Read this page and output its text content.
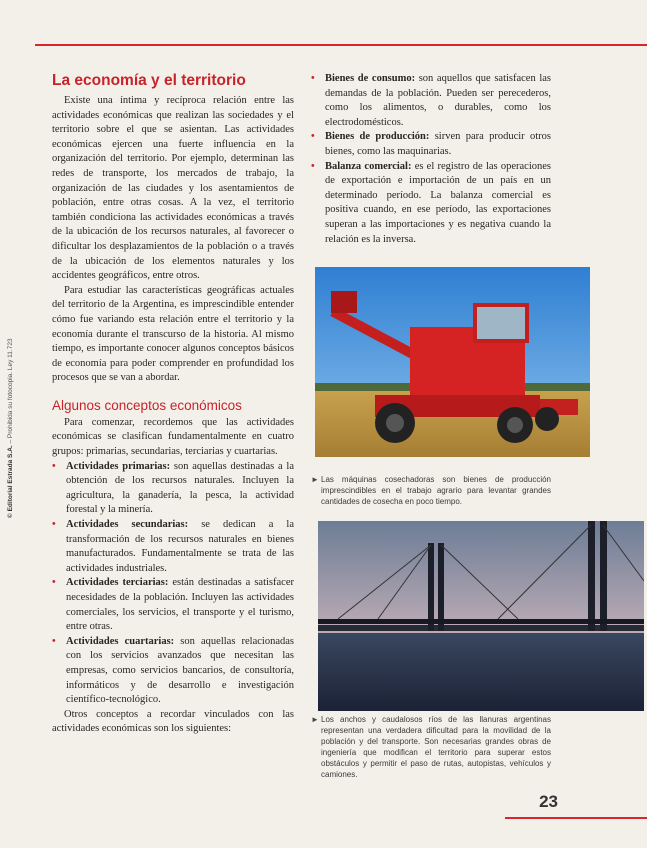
© Editorial Estrada S.A. – Prohibida su fotocopia. Ley 11.723
La economía y el territorio

Existe una íntima y recíproca relación entre las actividades económicas que realizan las sociedades y el territorio sobre el que se asientan. Las actividades económicas ejercen una fuerte influencia en la organización del territorio. Por ejemplo, determinan las redes de transporte, los mercados de trabajo, la organización de las ciudades y los asentamientos de población, entre otras cosas. A la vez, el territorio también condiciona las actividades económicas a través de la ubicación de los recursos naturales, al favorecer o dificultar los desplazamientos de la población o a través de la ubicación de los elementos naturales y los accidentes geográficos, entre otros.

Para estudiar las características geográficas actuales del territorio de la Argentina, es imprescindible entender cómo fue variando esta relación entre el territorio y la economía durante el transcurso de la historia. Al mismo tiempo, es importante conocer algunos conceptos básicos de economía para poder comprender en profundidad los procesos que se van a abordar.

Algunos conceptos económicos

Para comenzar, recordemos que las actividades económicas se clasifican fundamentalmente en cuatro grupos: primarias, secundarias, terciarias y cuartarias.

• Actividades primarias: son aquellas destinadas a la obtención de los recursos naturales. Incluyen la agricultura, la ganadería, la pesca, la actividad forestal y la minería.
• Actividades secundarias: se dedican a la transformación de los recursos naturales en bienes manufacturados. Fundamentalmente se trata de las actividades industriales.
• Actividades terciarias: están destinadas a satisfacer necesidades de la población. Incluyen las actividades comerciales, los servicios, el transporte y el turismo, entre otras.
• Actividades cuartarias: son aquellas relacionadas con los servicios avanzados que necesitan las empresas, como servicios bancarios, de consultoría, informáticos y de desarrollo e investigación científico-tecnológico.

Otros conceptos a recordar vinculados con las actividades económicas son los siguientes:

• Bienes de consumo: son aquellos que satisfacen las demandas de la población. Pueden ser perecederos, como los alimentos, o durables, como los electrodomésticos.
• Bienes de producción: sirven para producir otros bienes, como las maquinarias.
• Balanza comercial: es el registro de las operaciones de exportación e importación de un país en un determinado período. La balanza comercial es positiva cuando, en ese período, las exportaciones superan a las importaciones y es negativa cuando la relación es la inversa.
► Las máquinas cosechadoras son bienes de producción imprescindibles en el trabajo agrario para levantar grandes cantidades de cosecha en poco tiempo.
► Los anchos y caudalosos ríos de las llanuras argentinas representan una verdadera dificultad para la movilidad de la población y del transporte. Son necesarias grandes obras de ingeniería que modifican el territorio para superar estos obstáculos y permitir el paso de rutas, autopistas, vehículos y camiones.
23
